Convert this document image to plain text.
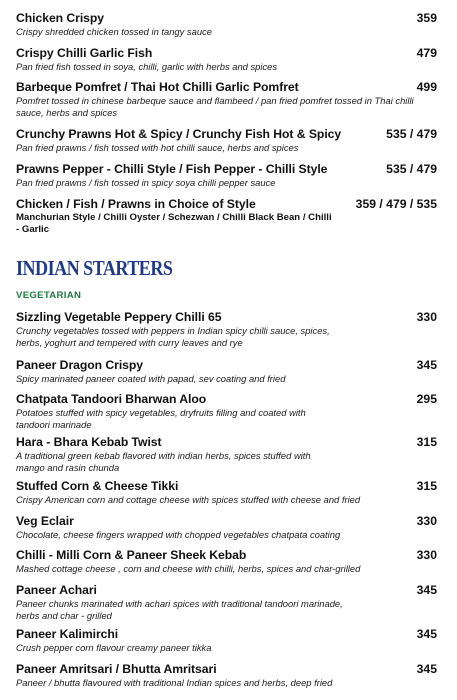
Chicken Crispy	359
Crispy shredded chicken tossed in tangy sauce
Crispy Chilli Garlic Fish	479
Pan fried fish tossed in soya, chilli, garlic with herbs and spices
Barbeque Pomfret / Thai Hot Chilli Garlic Pomfret	499
Pomfret tossed in chinese barbeque sauce and flambeed / pan fried pomfret tossed in Thai chilli sauce, herbs and spices
Crunchy Prawns Hot & Spicy / Crunchy Fish Hot & Spicy	535 / 479
Pan fried prawns / fish tossed with hot chilli sauce, herbs and spices
Prawns Pepper - Chilli Style / Fish Pepper - Chilli Style	535 / 479
Pan fried prawns / fish tossed in spicy soya chilli pepper sauce
Chicken / Fish / Prawns in Choice of Style	359 / 479 / 535
Manchurian Style / Chilli Oyster / Schezwan / Chilli Black Bean / Chilli - Garlic
INDIAN STARTERS
VEGETARIAN
Sizzling Vegetable Peppery Chilli 65	330
Crunchy vegetables tossed with peppers in Indian spicy chilli sauce, spices, herbs, yoghurt and tempered with curry leaves and rye
Paneer Dragon Crispy	345
Spicy marinated paneer coated with papad, sev coating and fried
Chatpata Tandoori Bharwan Aloo	295
Potatoes stuffed with spicy vegetables, dryfruits filling and coated with tandoori marinade
Hara - Bhara Kebab Twist	315
A traditional green kebab flavored with indian herbs, spices stuffed with mango and rasin chunda
Stuffed Corn & Cheese Tikki	315
Crispy American corn and cottage cheese with spices stuffed with cheese and fried
Veg Eclair	330
Chocolate, cheese fingers wrapped with chopped vegetables chatpata coating
Chilli - Milli Corn & Paneer Sheek Kebab	330
Mashed cottage cheese , corn and cheese with chilli, herbs, spices and char-grilled
Paneer Achari	345
Paneer chunks marinated with achari spices with traditional tandoori marinade, herbs and char - grilled
Paneer Kalimirchi	345
Crush pepper corn flavour creamy paneer tikka
Paneer Amritsari / Bhutta Amritsari	345
Paneer / bhutta flavoured with traditional Indian spices and herbs, deep fried
